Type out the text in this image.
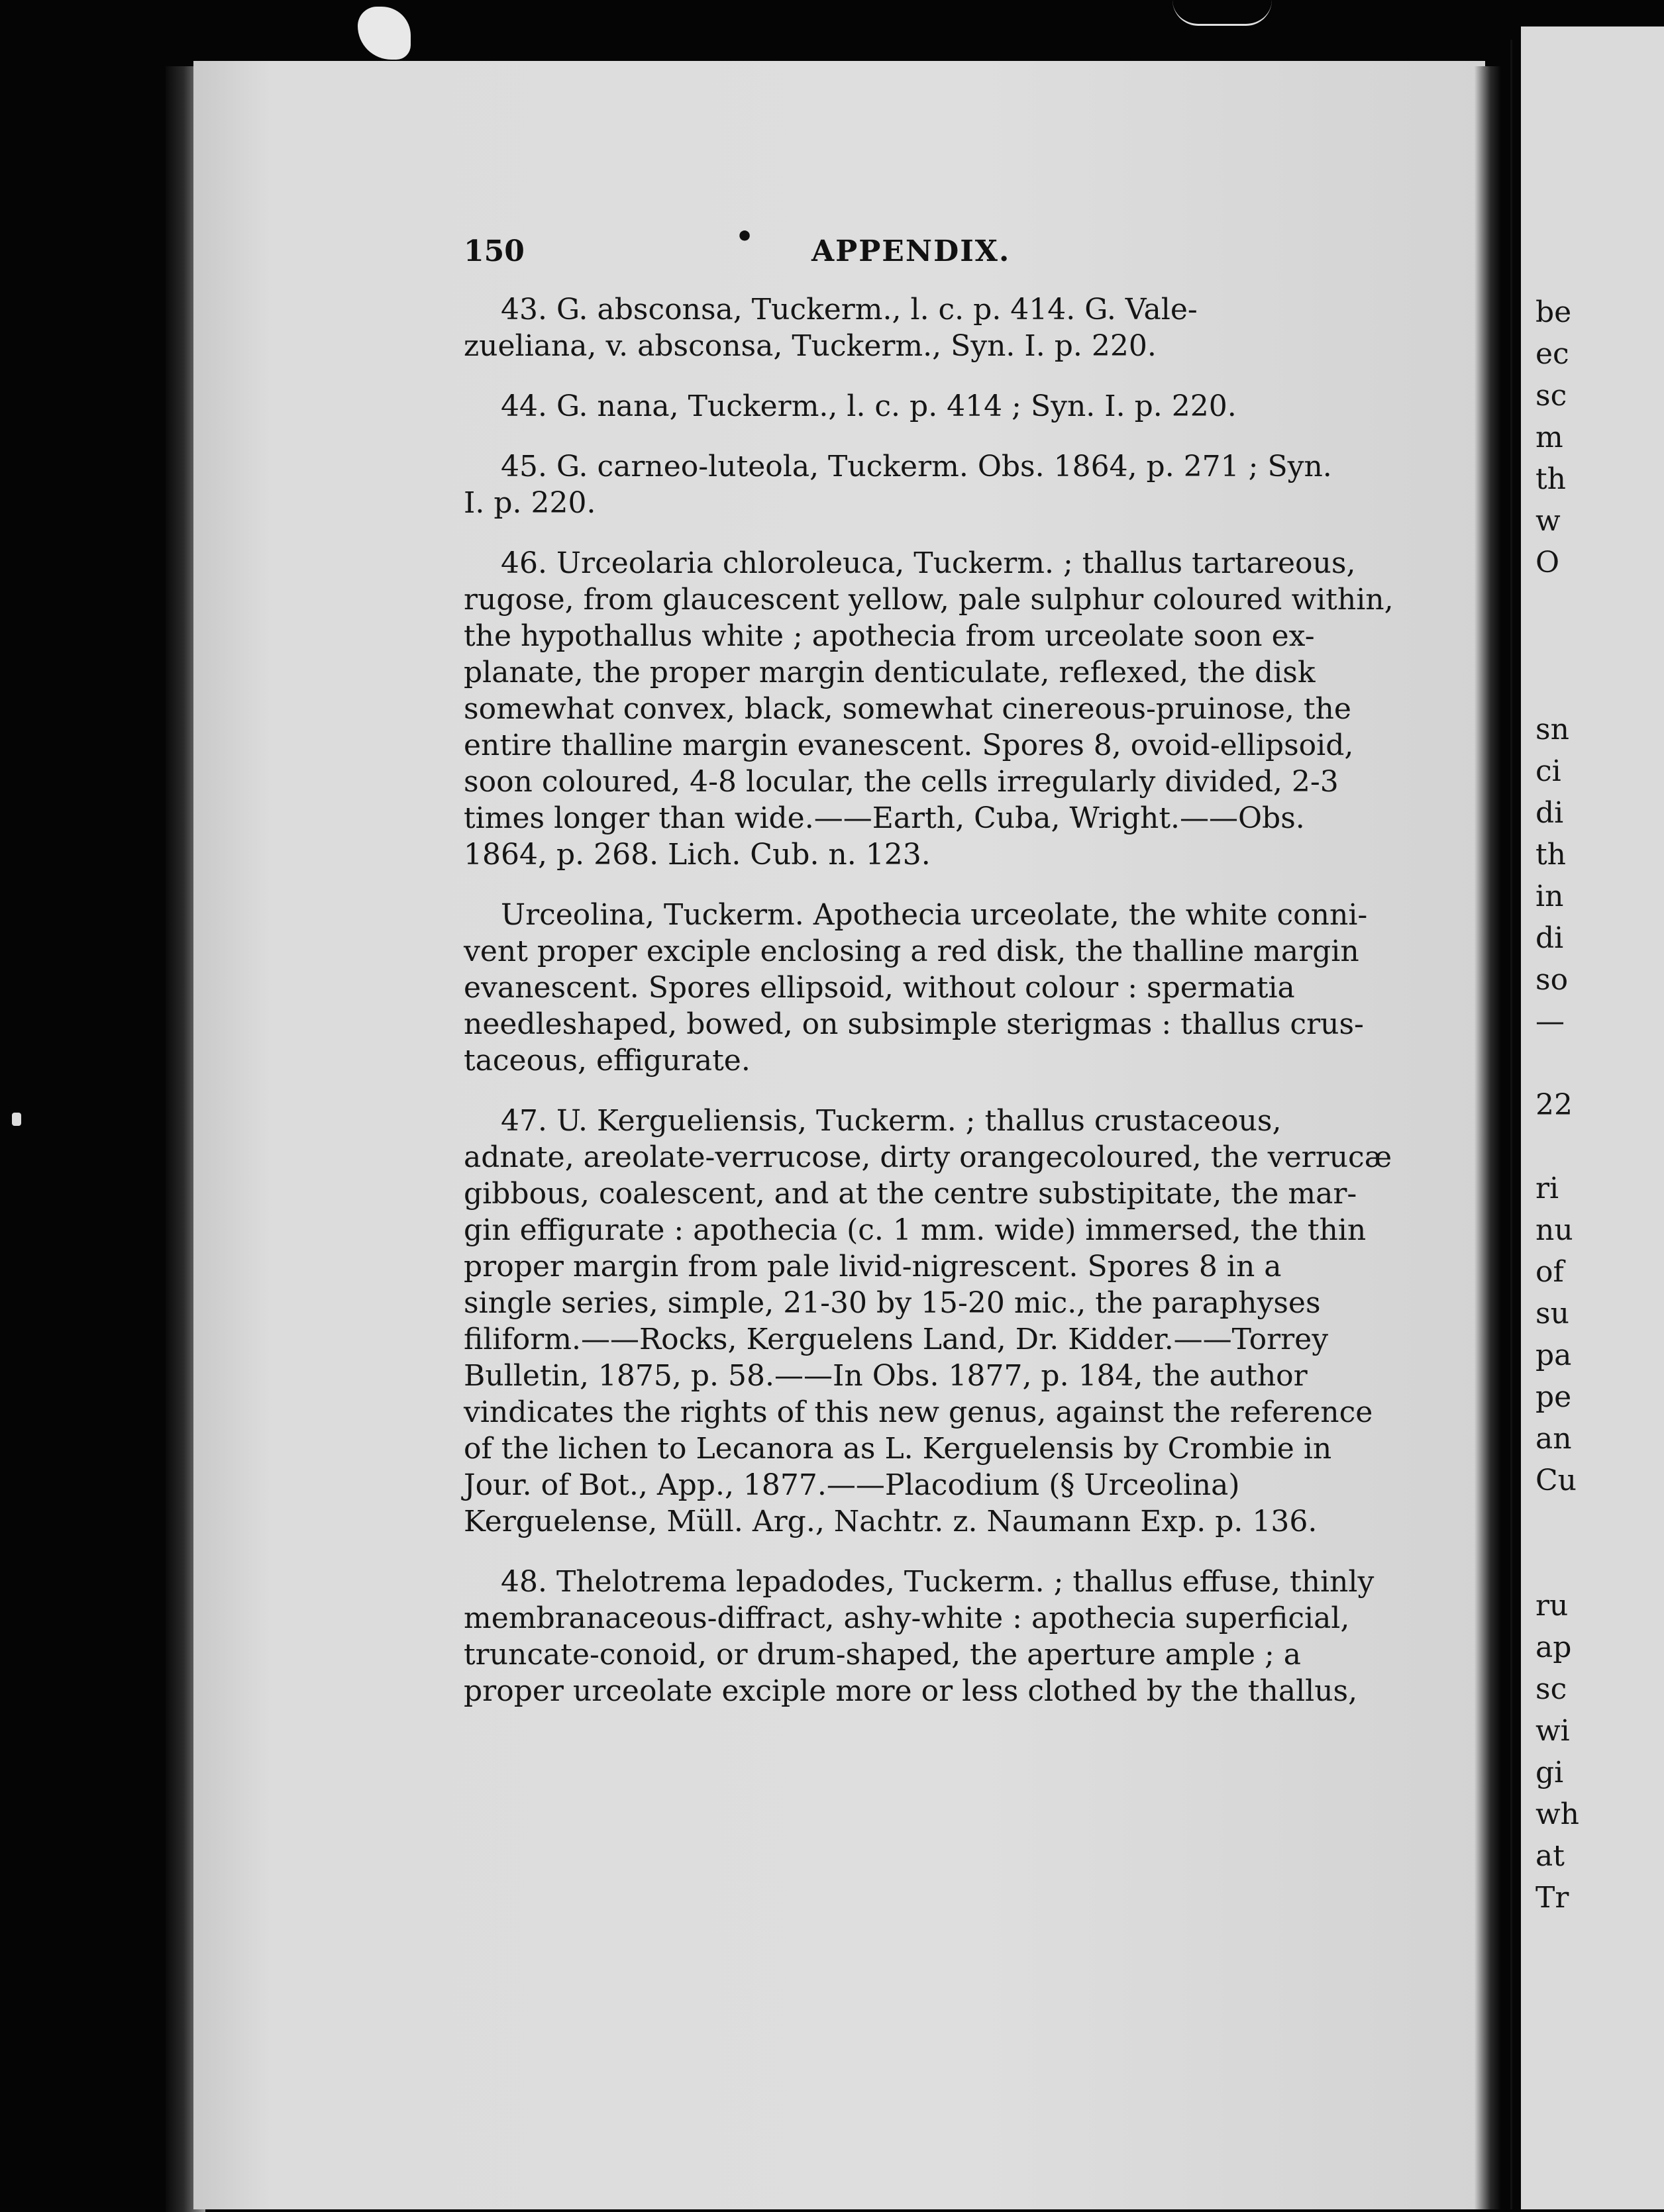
150	• APPENDIX.

43. G. absconsa, Tuckerm., l. c. p. 414. G. Vale-
zueliana, v. absconsa, Tuckerm., Syn. I. p. 220.

44. G. nana, Tuckerm., l. c. p. 414 ; Syn. I. p. 220.

45. G. carneo-luteola, Tuckerm. Obs. 1864, p. 271 ; Syn.
I. p. 220.

46. Urceolaria chloroleuca, Tuckerm. ; thallus tartareous,
rugose, from glaucescent yellow, pale sulphur coloured within,
the hypothallus white ; apothecia from urceolate soon ex-
planate, the proper margin denticulate, reflexed, the disk
somewhat convex, black, somewhat cinereous-pruinose, the
entire thalline margin evanescent. Spores 8, ovoid-ellipsoid,
soon coloured, 4-8 locular, the cells irregularly divided, 2-3
times longer than wide.——Earth, Cuba, Wright.——Obs.
1864, p. 268. Lich. Cub. n. 123.

Urceolina, Tuckerm. Apothecia urceolate, the white conni-
vent proper exciple enclosing a red disk, the thalline margin
evanescent. Spores ellipsoid, without colour : spermatia
needleshaped, bowed, on subsimple sterigmas : thallus crus-
taceous, effigurate.

47. U. Kergueliensis, Tuckerm. ; thallus crustaceous,
adnate, areolate-verrucose, dirty orangecoloured, the verrucæ
gibbous, coalescent, and at the centre substipitate, the mar-
gin effigurate : apothecia (c. 1 mm. wide) immersed, the thin
proper margin from pale livid-nigrescent. Spores 8 in a
single series, simple, 21-30 by 15-20 mic., the paraphyses
filiform.——Rocks, Kerguelens Land, Dr. Kidder.——Torrey
Bulletin, 1875, p. 58.——In Obs. 1877, p. 184, the author
vindicates the rights of this new genus, against the reference
of the lichen to Lecanora as L. Kerguelensis by Crombie in
Jour. of Bot., App., 1877.——Placodium (§ Urceolina)
Kerguelense, Müll. Arg., Nachtr. z. Naumann Exp. p. 136.

48. Thelotrema lepadodes, Tuckerm. ; thallus effuse, thinly
membranaceous-diffract, ashy-white : apothecia superficial,
truncate-conoid, or drum-shaped, the aperture ample ; a
proper urceolate exciple more or less clothed by the thallus,

be
ec
sc
m
th
w
O
sn
ci
di
th
in
di
so
—
22
ri
nu
of
su
pa
pe
an
Cu
ru
ap
sc
wi
gi
wh
at
Tr
